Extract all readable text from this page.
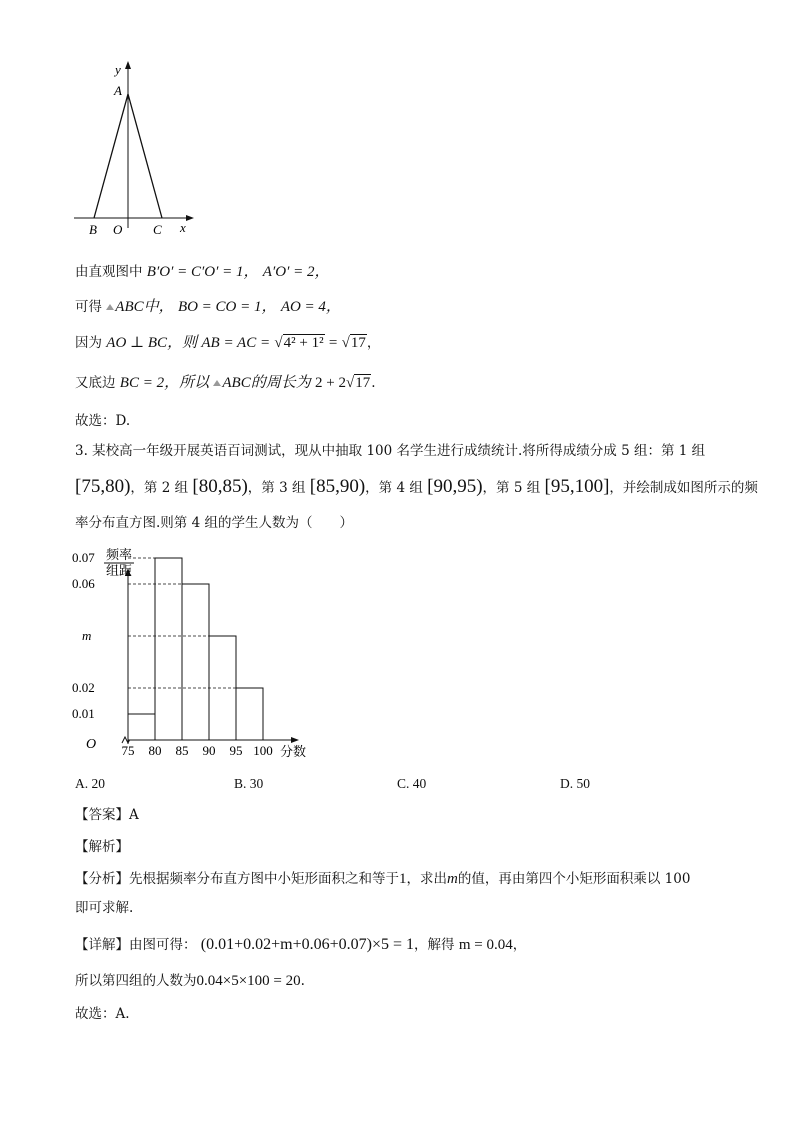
y
A
B O C x
由直观图中 B′O′ = C′O′ = 1， A′O′ = 2，
可得 ABC中， BO = CO = 1， AO = 4，
因为 AO ⊥ BC，则 AB = AC = √4² + 1² = √17，
又底边 BC = 2，所以 ABC的周长为 2 + 2√17.
故选：D.
3. 某校高一年级开展英语百词测试，现从中抽取 100 名学生进行成绩统计.将所得成绩分成 5 组：第 1 组
[75,80)，第 2 组 [80,85)，第 3 组 [85,90)，第 4 组 [90,95)，第 5 组 [95,100]，并绘制成如图所示的频
率分布直方图.则第 4 组的学生人数为（　　）
频率
组距
0.01
0.02
m
0.06
0.07
75 80 85 90 95 100
O	分数
A. 20	B. 30	C. 40	D. 50
【答案】A
【解析】
【分析】先根据频率分布直方图中小矩形面积之和等于1，求出m的值，再由第四个小矩形面积乘以 100
即可求解.
【详解】由图可得： (0.01+0.02+m+0.06+0.07)×5 = 1，解得 m = 0.04，
所以第四组的人数为0.04×5×100 = 20.
故选：A.
